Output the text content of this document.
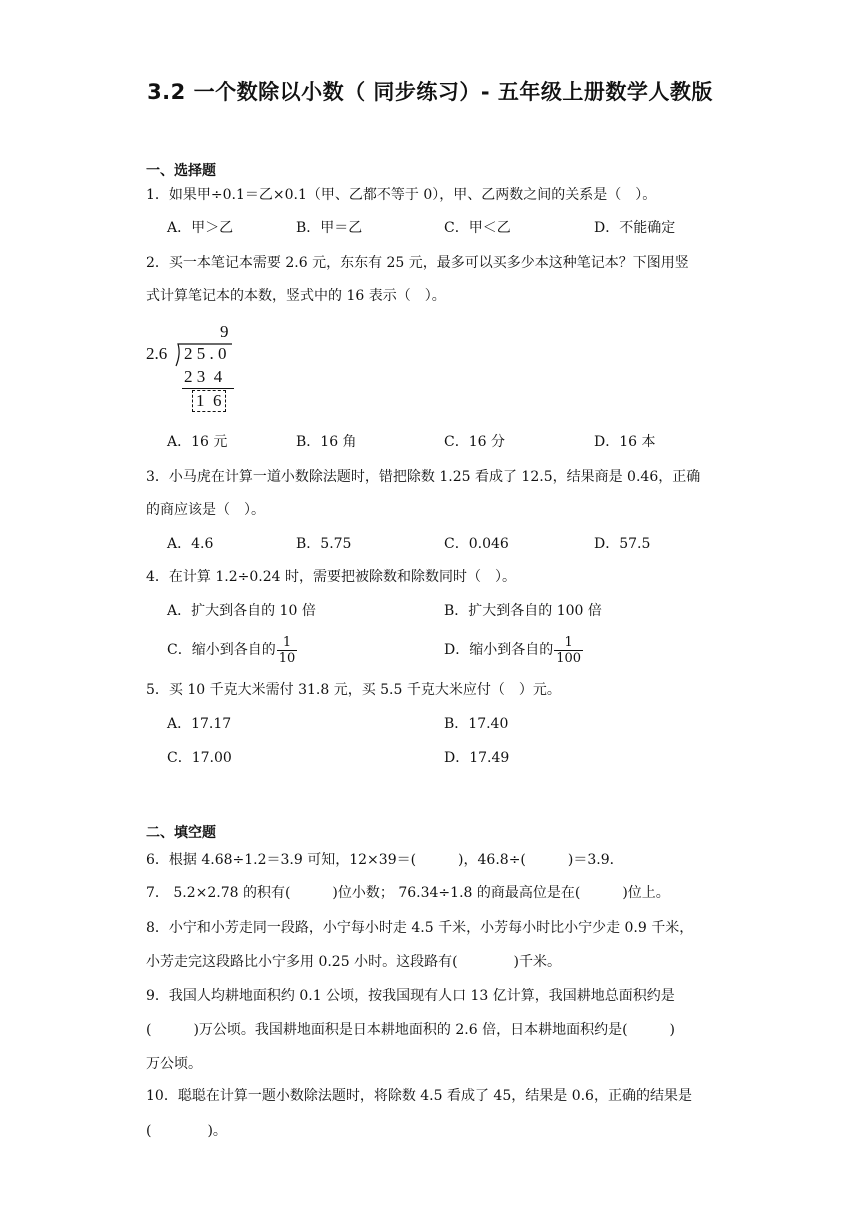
3.2 一个数除以小数（ 同步练习）- 五年级上册数学人教版
一、选择题
1．如果甲÷0.1＝乙×0.1（甲、乙都不等于 0），甲、乙两数之间的关系是（　）。
A．甲＞乙	B．甲＝乙	C．甲＜乙	D．不能确定
2．买一本笔记本需要 2.6 元，东东有 25 元，最多可以买多少本这种笔记本？下图用竖
式计算笔记本的本数，竖式中的 16 表示（　）。
9
2.6 2 5 . 0
2 3  4
1  6
A．16 元	B．16 角	C．16 分	D．16 本
3．小马虎在计算一道小数除法题时，错把除数 1.25 看成了 12.5，结果商是 0.46，正确
的商应该是（　）。
A．4.6	B．5.75	C．0.046	D．57.5
4．在计算 1.2÷0.24 时，需要把被除数和除数同时（　）。
A．扩大到各自的 10 倍	B．扩大到各自的 100 倍
C．缩小到各自的 $\frac{1}{10}$	D．缩小到各自的 $\frac{1}{100}$
5．买 10 千克大米需付 31.8 元，买 5.5 千克大米应付（　）元。
A．17.17	B．17.40
C．17.00	D．17.49
二、填空题
6．根据 4.68÷1.2＝3.9 可知，12×39＝(　　　)，46.8÷(　　　)＝3.9．
7． 5.2×2.78 的积有(　　　)位小数； 76.34÷1.8 的商最高位是在(　　　)位上。
8．小宁和小芳走同一段路，小宁每小时走 4.5 千米，小芳每小时比小宁少走 0.9 千米，
小芳走完这段路比小宁多用 0.25 小时。这段路有(　　　　)千米。
9．我国人均耕地面积约 0.1 公顷，按我国现有人口 13 亿计算，我国耕地总面积约是
(　　　)万公顷。我国耕地面积是日本耕地面积的 2.6 倍，日本耕地面积约是(　　　)
万公顷。
10．聪聪在计算一题小数除法题时，将除数 4.5 看成了 45，结果是 0.6，正确的结果是
(　　　　)。
